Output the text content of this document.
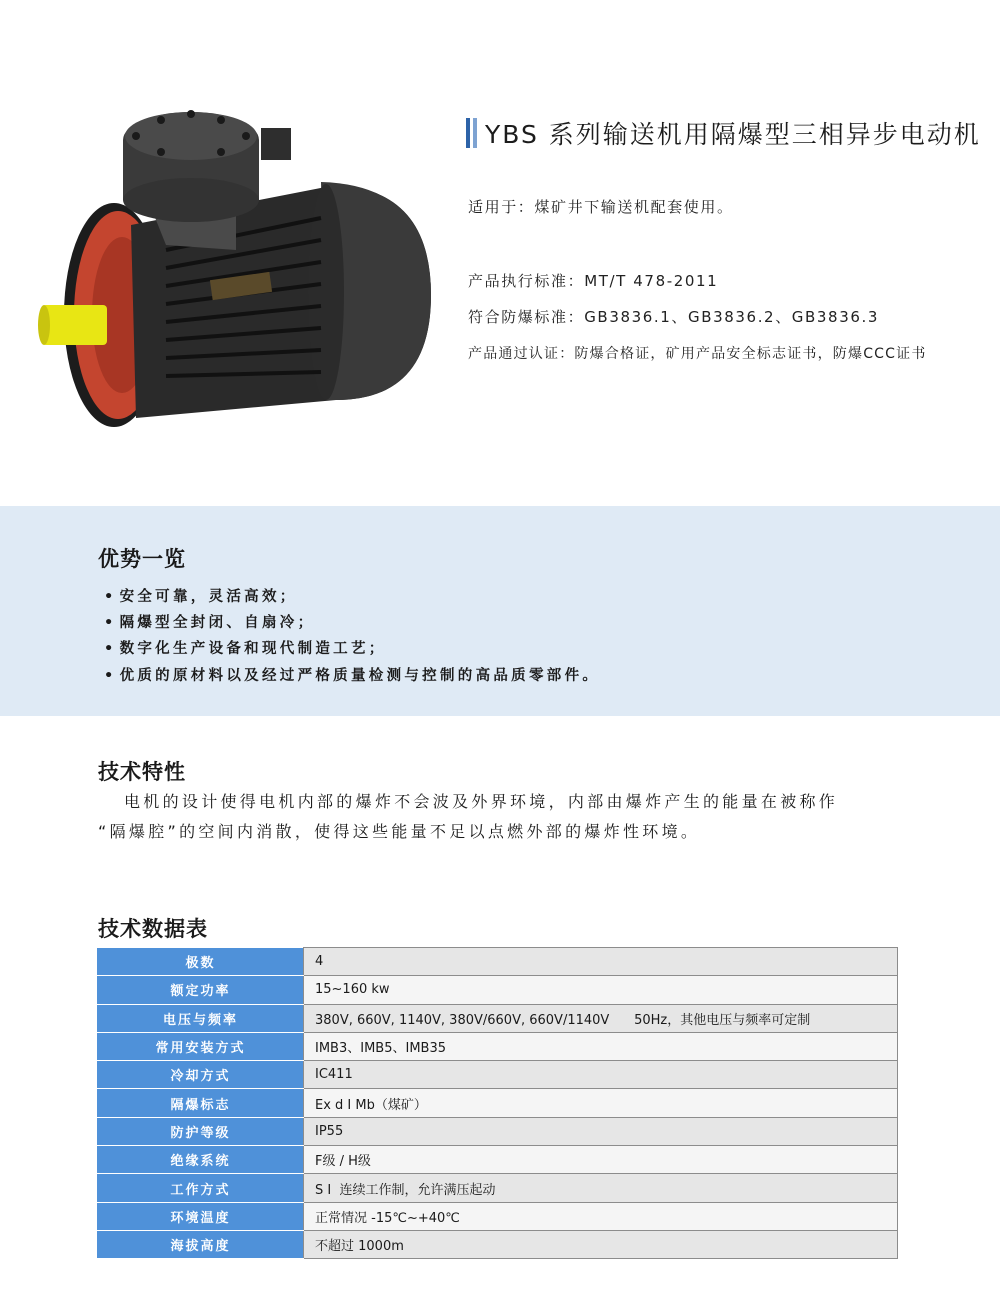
YBS 系列输送机用隔爆型三相异步电动机
适用于：煤矿井下输送机配套使用。
产品执行标准：MT/T 478-2011
符合防爆标准：GB3836.1、GB3836.2、GB3836.3
产品通过认证：防爆合格证，矿用产品安全标志证书，防爆CCC证书
优势一览
• 安全可靠，灵活高效；
• 隔爆型全封闭、自扇冷；
• 数字化生产设备和现代制造工艺；
• 优质的原材料以及经过严格质量检测与控制的高品质零部件。
技术特性
电机的设计使得电机内部的爆炸不会波及外界环境，内部由爆炸产生的能量在被称作
“隔爆腔”的空间内消散，使得这些能量不足以点燃外部的爆炸性环境。
技术数据表
极数	4
额定功率	15~160 kw
电压与频率	380V, 660V, 1140V, 380V/660V, 660V/1140V      50Hz，其他电压与频率可定制
常用安装方式	IMB3、IMB5、IMB35
冷却方式	IC411
隔爆标志	Ex d Ⅰ Mb（煤矿）
防护等级	IP55
绝缘系统	F级 / H级
工作方式	S Ⅰ  连续工作制，允许满压起动
环境温度	正常情况 -15℃~+40℃
海拔高度	不超过 1000m
